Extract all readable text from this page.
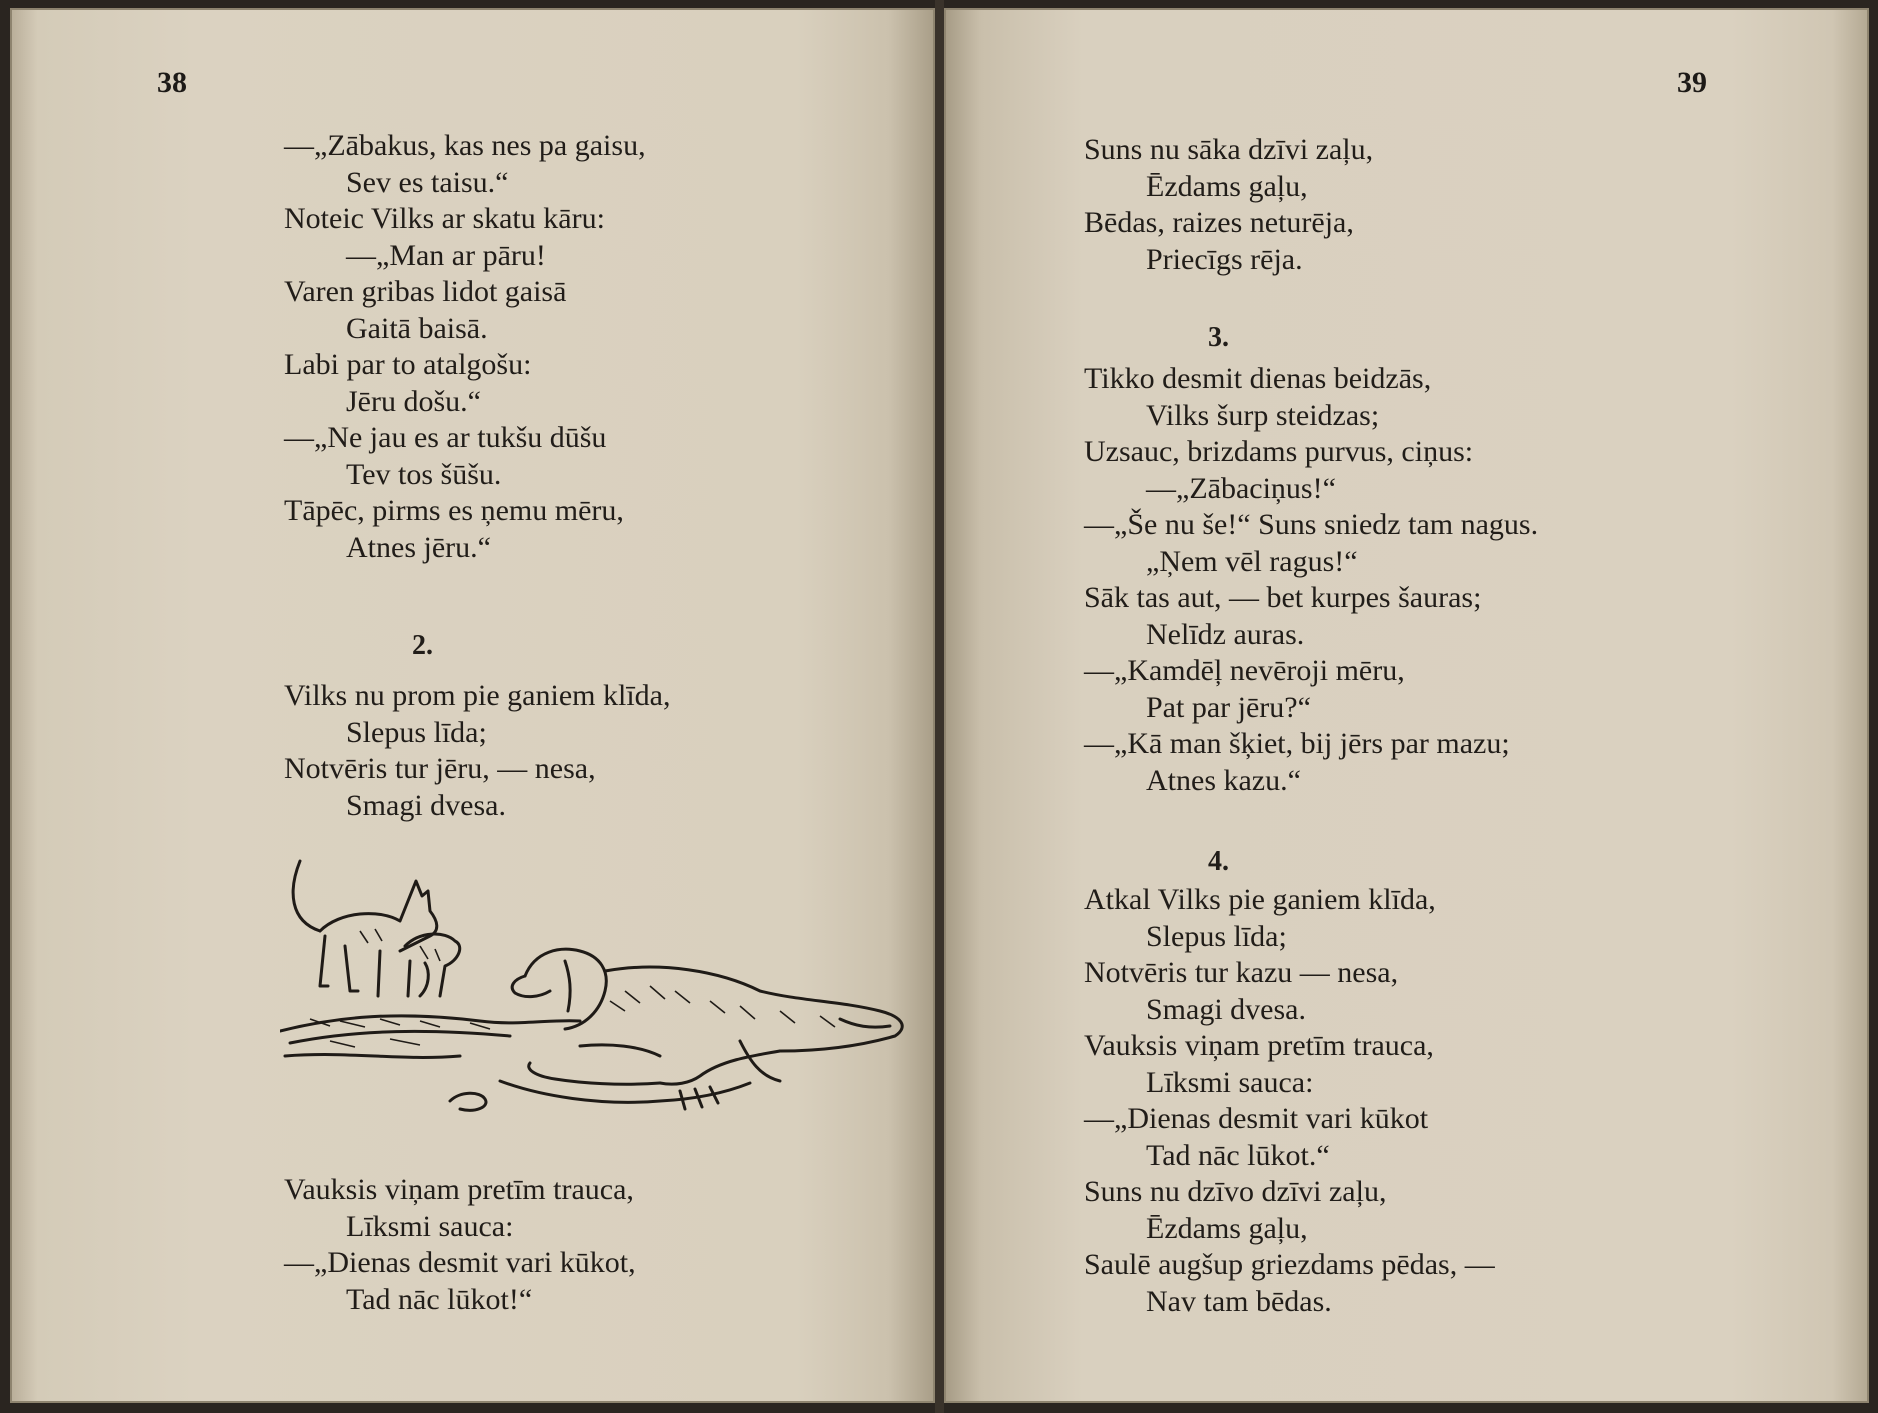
38
—„Zābakus, kas nes pa gaisu,
Sev es taisu.“
Noteic Vilks ar skatu kāru:
—„Man ar pāru!
Varen gribas lidot gaisā
Gaitā baisā.
Labi par to atalgošu:
Jēru došu.“
—„Ne jau es ar tukšu dūšu
Tev tos šūšu.
Tāpēc, pirms es ņemu mēru,
Atnes jēru.“
2.
Vilks nu prom pie ganiem klīda,
Slepus līda;
Notvēris tur jēru, — nesa,
Smagi dvesa.
Vauksis viņam pretīm trauca,
Līksmi sauca:
—„Dienas desmit vari kūkot,
Tad nāc lūkot!“
39
Suns nu sāka dzīvi zaļu,
Ēzdams gaļu,
Bēdas, raizes neturēja,
Priecīgs rēja.
3.
Tikko desmit dienas beidzās,
Vilks šurp steidzas;
Uzsauc, brizdams purvus, ciņus:
—„Zābaciņus!“
—„Še nu še!“ Suns sniedz tam nagus.
„Ņem vēl ragus!“
Sāk tas aut, — bet kurpes šauras;
Nelīdz auras.
—„Kamdēļ nevēroji mēru,
Pat par jēru?“
—„Kā man šķiet, bij jērs par mazu;
Atnes kazu.“
4.
Atkal Vilks pie ganiem klīda,
Slepus līda;
Notvēris tur kazu — nesa,
Smagi dvesa.
Vauksis viņam pretīm trauca,
Līksmi sauca:
—„Dienas desmit vari kūkot
Tad nāc lūkot.“
Suns nu dzīvo dzīvi zaļu,
Ēzdams gaļu,
Saulē augšup griezdams pēdas, —
Nav tam bēdas.
